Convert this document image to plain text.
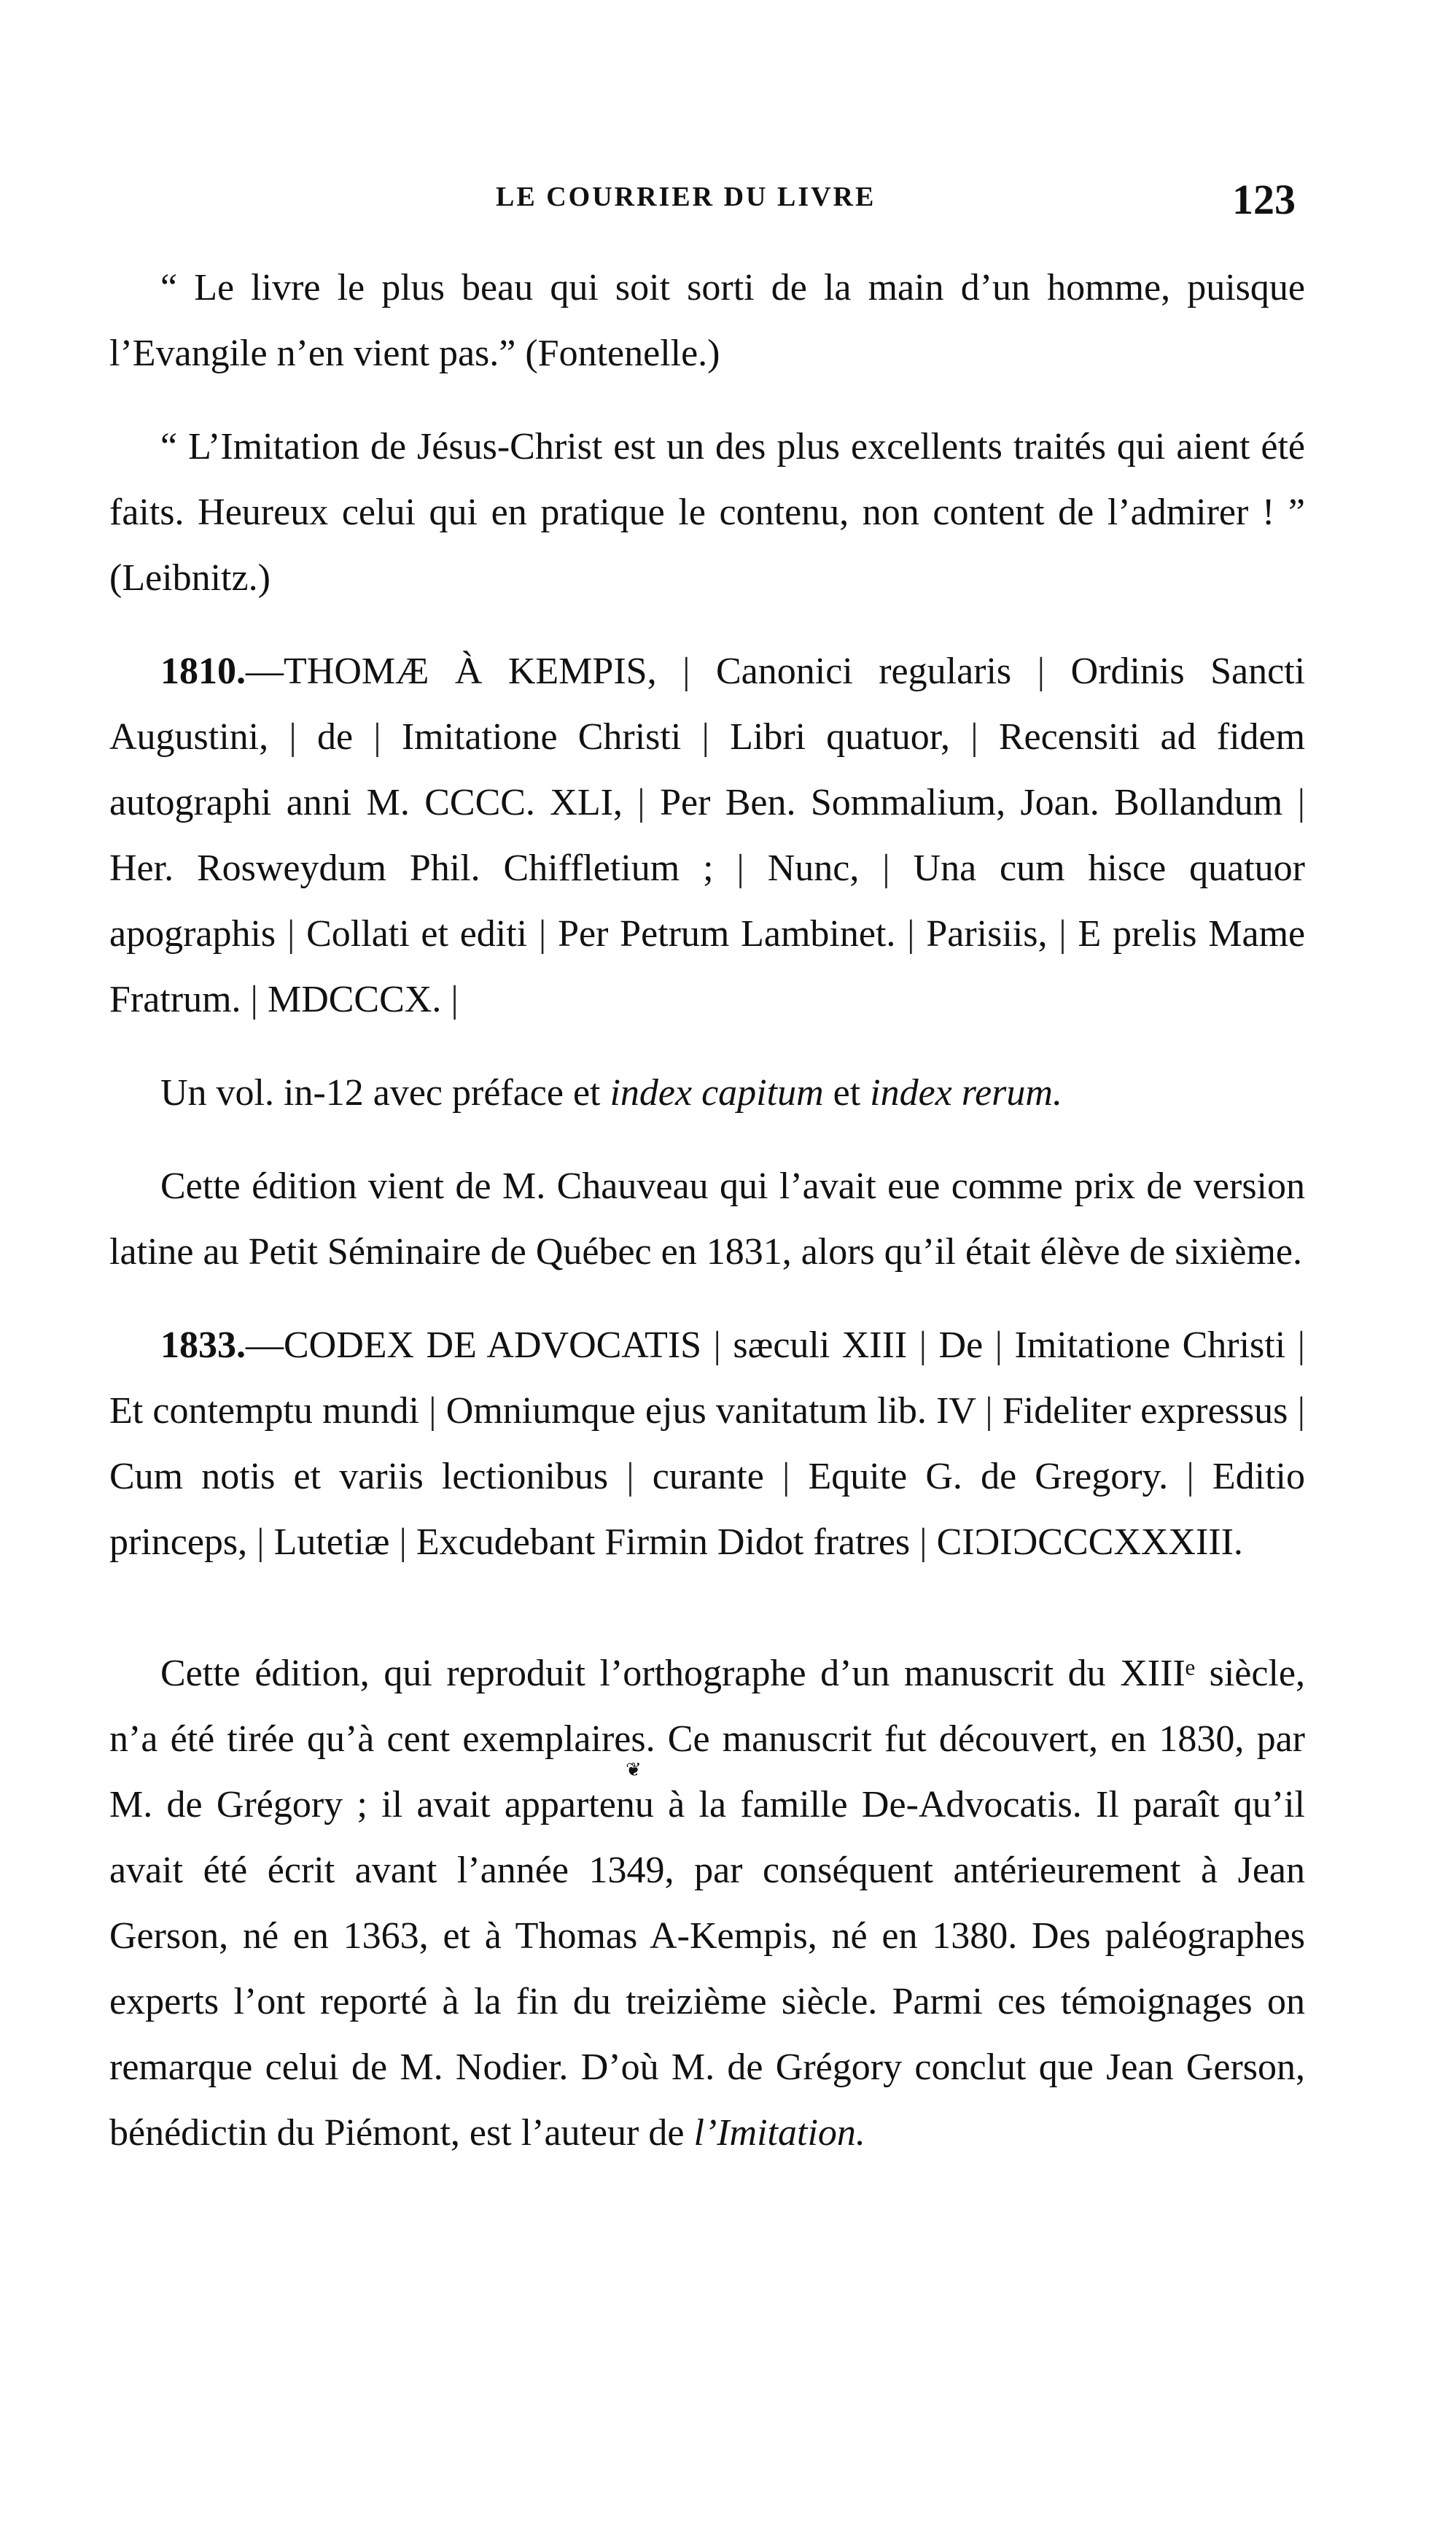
LE COURRIER DU LIVRE	123

“ Le livre le plus beau qui soit sorti de la main d’un homme, puisque l’Evangile n’en vient pas.” (Fontenelle.)

“ L’Imitation de Jésus-Christ est un des plus excellents traités qui aient été faits. Heureux celui qui en pratique le contenu, non content de l’admirer ! ” (Leibnitz.)

1810.—THOMÆ À KEMPIS, | Canonici regularis | Ordinis Sancti Augustini, | de | Imitatione Christi | Libri quatuor, | Recensiti ad fidem autographi anni M. CCCC. XLI, | Per Ben. Sommalium, Joan. Bollandum | Her. Rosweydum Phil. Chiffletium ; | Nunc, | Una cum hisce quatuor apographis | Collati et editi | Per Petrum Lambinet. | Parisiis, | E prelis Mame Fratrum. | MDCCCX. |

Un vol. in-12 avec préface et index capitum et index rerum.

Cette édition vient de M. Chauveau qui l’avait eue comme prix de version latine au Petit Séminaire de Québec en 1831, alors qu’il était élève de sixième.

1833.—CODEX DE ADVOCATIS | sæculi XIII | De | Imitatione Christi | Et contemptu mundi | Omniumque ejus vanitatum lib. IV | Fideliter expressus | Cum notis et variis lectionibus | curante | Equite G. de Gregory. | Editio princeps, | Lutetiæ | Excudebant Firmin Didot fratres | CIƆIƆCCCXXXIII.

Cette édition, qui reproduit l’orthographe d’un manuscrit du XIIIᵉ siècle, n’a été tirée qu’à cent exemplaires. Ce manuscrit fut découvert, en 1830, par M. de Grégory ; il avait appartenu à la famille De-Advocatis. Il paraît qu’il avait été écrit avant l’année 1349, par conséquent antérieurement à Jean Gerson, né en 1363, et à Thomas A-Kempis, né en 1380. Des paléographes experts l’ont reporté à la fin du treizième siècle. Parmi ces témoignages on remarque celui de M. Nodier. D’où M. de Grégory conclut que Jean Gerson, bénédictin du Piémont, est l’auteur de l’Imitation.

❦
